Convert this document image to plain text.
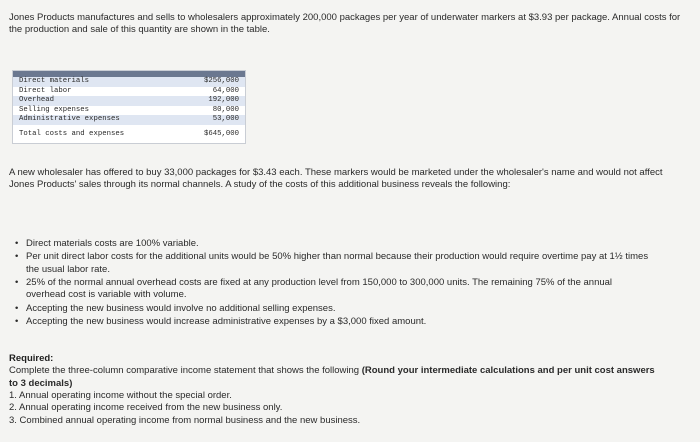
Jones Products manufactures and sells to wholesalers approximately 200,000 packages per year of underwater markers at $3.93 per package. Annual costs for the production and sale of this quantity are shown in the table.
Direct materials	$256,000
Direct labor	64,000
Overhead	192,000
Selling expenses	80,000
Administrative expenses	53,000
Total costs and expenses	$645,000
A new wholesaler has offered to buy 33,000 packages for $3.43 each. These markers would be marketed under the wholesaler's name and would not affect Jones Products' sales through its normal channels. A study of the costs of this additional business reveals the following:
• Direct materials costs are 100% variable.
• Per unit direct labor costs for the additional units would be 50% higher than normal because their production would require overtime pay at 1½ times the usual labor rate.
• 25% of the normal annual overhead costs are fixed at any production level from 150,000 to 300,000 units. The remaining 75% of the annual overhead cost is variable with volume.
• Accepting the new business would involve no additional selling expenses.
• Accepting the new business would increase administrative expenses by a $3,000 fixed amount.
Required:
Complete the three-column comparative income statement that shows the following (Round your intermediate calculations and per unit cost answers to 3 decimals)

1. Annual operating income without the special order.

2. Annual operating income received from the new business only.

3. Combined annual operating income from normal business and the new business.
